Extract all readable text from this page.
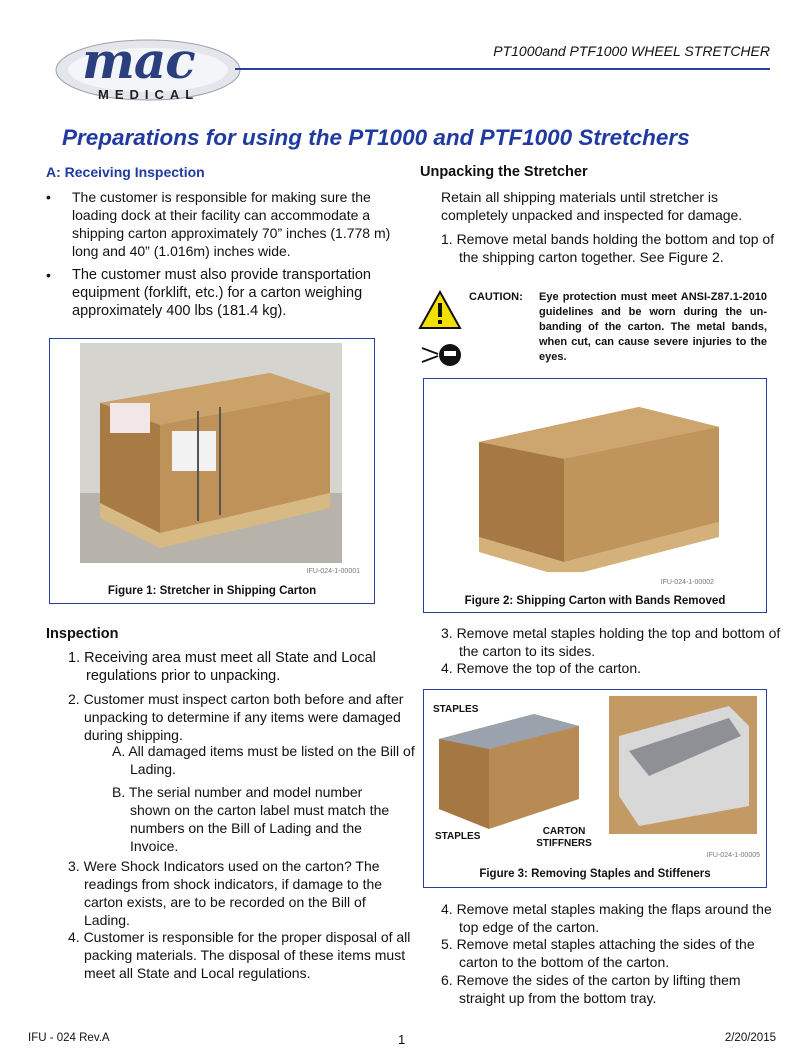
mac
MEDICAL
PT1000and PTF1000 WHEEL STRETCHER
Preparations for using the PT1000 and PTF1000 Stretchers
A: Receiving Inspection
• The customer is responsible for making sure the loading dock at their facility can accommodate a shipping carton approximately 70” inches (1.778 m) long and 40” (1.016m) inches wide.
• The customer must also provide transportation equipment (forklift, etc.) for a carton weighing approximately 400 lbs (181.4 kg).
IFU-024-1-00001
Figure 1: Stretcher in Shipping Carton
Inspection
1. Receiving area must meet all State and Local regulations prior to unpacking.
2. Customer must inspect carton both before and after unpacking to determine if any items were damaged during shipping.
A. All damaged items must be listed on the Bill of Lading.
B. The serial number and model number shown on the carton label must match the numbers on the Bill of Lading and the Invoice.
3. Were Shock Indicators used on the carton? The readings from shock indicators, if damage to the carton exists, are to be recorded on the Bill of Lading.
4. Customer is responsible for the proper disposal of all packing materials. The disposal of these items must meet all State and Local regulations.
Unpacking the Stretcher
Retain all shipping materials until stretcher is completely unpacked and inspected for damage.
1. Remove metal bands holding the bottom and top of the shipping carton together. See Figure 2.
CAUTION: Eye protection must meet ANSI-Z87.1-2010 guidelines and be worn during the un-banding of the carton. The metal bands, when cut, can cause severe injuries to the eyes.
IFU-024-1-00002
Figure 2: Shipping Carton with Bands Removed
3. Remove metal staples holding the top and bottom of the carton to its sides.
4. Remove the top of the carton.
STAPLES
STAPLES	CARTON STIFFNERS
IFU-024-1-00005
Figure 3: Removing Staples and Stiffeners
4. Remove metal staples making the flaps around the top edge of the carton.
5. Remove metal staples attaching the sides of the carton to the bottom of the carton.
6. Remove the sides of the carton by lifting them straight up from the bottom tray.
IFU - 024 Rev.A	1	2/20/2015
